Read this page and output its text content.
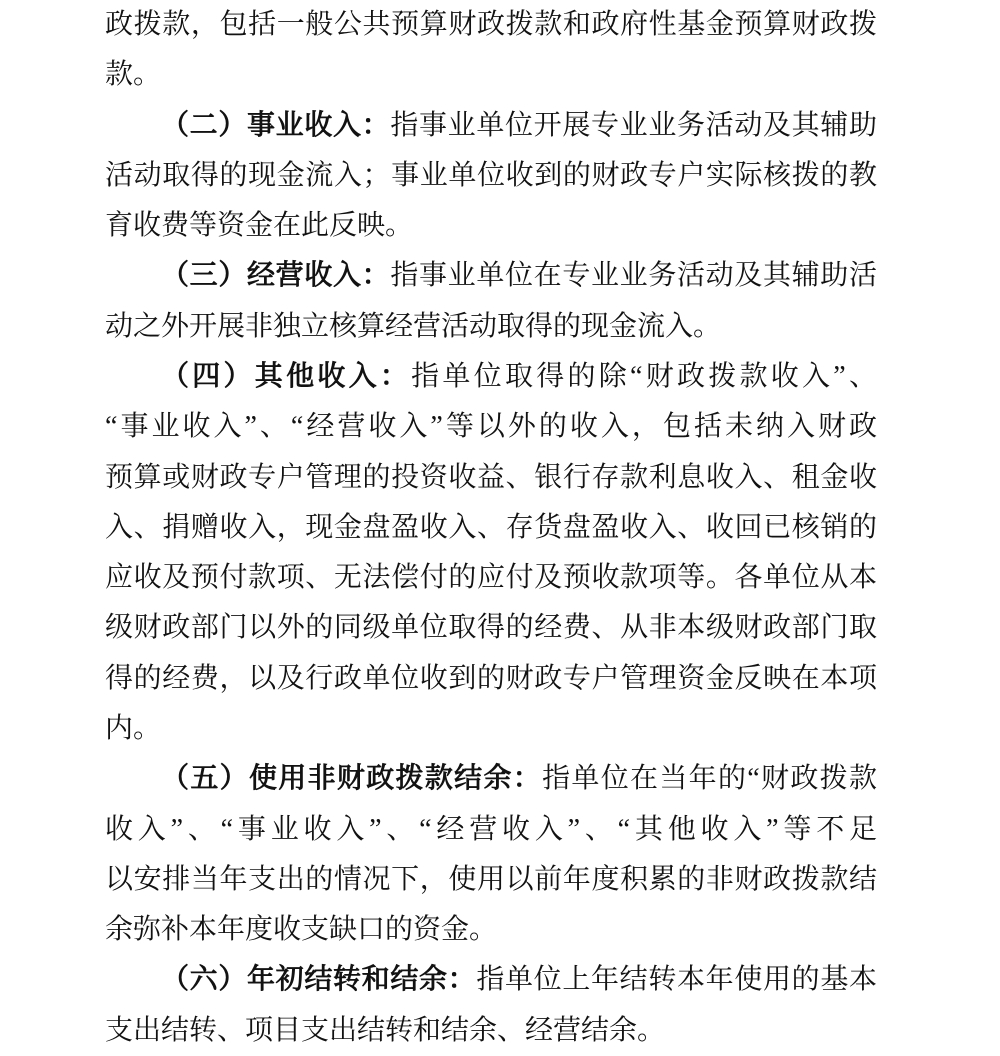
政拨款，包括一般公共预算财政拨款和政府性基金预算财政拨

款。

（二）事业收入：指事业单位开展专业业务活动及其辅助

活动取得的现金流入；事业单位收到的财政专户实际核拨的教

育收费等资金在此反映。

（三）经营收入：指事业单位在专业业务活动及其辅助活

动之外开展非独立核算经营活动取得的现金流入。

（四）其他收入：指单位取得的除“财政拨款收入”、

“事业收入”、“经营收入”等以外的收入，包括未纳入财政

预算或财政专户管理的投资收益、银行存款利息收入、租金收

入、捐赠收入，现金盘盈收入、存货盘盈收入、收回已核销的

应收及预付款项、无法偿付的应付及预收款项等。各单位从本

级财政部门以外的同级单位取得的经费、从非本级财政部门取

得的经费，以及行政单位收到的财政专户管理资金反映在本项

内。

（五）使用非财政拨款结余：指单位在当年的“财政拨款

收入”、“事业收入”、“经营收入”、“其他收入”等不足

以安排当年支出的情况下，使用以前年度积累的非财政拨款结

余弥补本年度收支缺口的资金。

（六）年初结转和结余：指单位上年结转本年使用的基本

支出结转、项目支出结转和结余、经营结余。
